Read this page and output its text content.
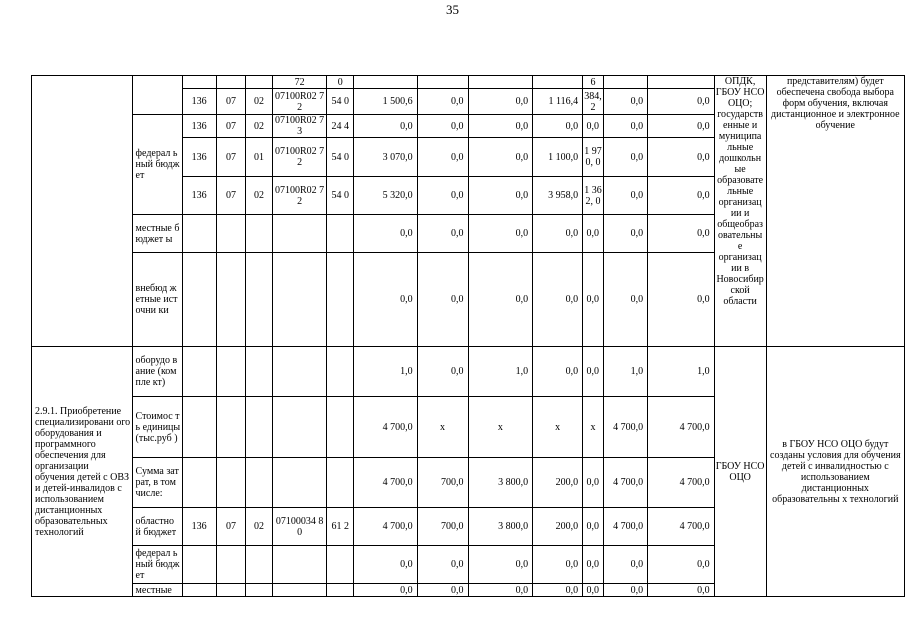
35
					72	0					6			ОПДК, ГБОУ НСО ОЦО; государств енные и муниципа льные дошкольн ые образовате льные организац ии и общеобраз овательны е организац ии в Новосибир ской области	представителям) будет обеспечена свобода выбора форм обучения, включая дистанционное и электронное обучение
		136	07	02	07100R02 72	54 0	1 500,6	0,0	0,0	1 116,4	384, 2	0,0	0,0		
	федерал ьный бюджет	136	07	02	07100R02 73	24 4	0,0	0,0	0,0	0,0	0,0	0,0	0,0		
		136	07	01	07100R02 72	54 0	3 070,0	0,0	0,0	1 100,0	1 970, 0	0,0	0,0		
		136	07	02	07100R02 72	54 0	5 320,0	0,0	0,0	3 958,0	1 362, 0	0,0	0,0		
	местные бюджет ы						0,0	0,0	0,0	0,0	0,0	0,0	0,0		
	внебюд жетные источни ки						0,0	0,0	0,0	0,0	0,0	0,0	0,0		
2.9.1. Приобретение специализировани ого оборудования и программного обеспечения для организации обучения детей с ОВЗ и детей-инвалидов с использованием дистанционных образовательных технологий	оборудо вание (комплe кт)						1,0	0,0	1,0	0,0	0,0	1,0	1,0	ГБОУ НСО ОЦО	в ГБОУ НСО ОЦО будут созданы условия для обучения детей с инвалидностью с использованием дистанционных образовательны х технологий
	Стоимос ть единицы (тыс.руб )						4 700,0	x	x	x	x	4 700,0	4 700,0		
	Сумма затрат, в том числе:						4 700,0	700,0	3 800,0	200,0	0,0	4 700,0	4 700,0		
	областно й бюджет	136	07	02	07100034 80	61 2	4 700,0	700,0	3 800,0	200,0	0,0	4 700,0	4 700,0		
	федерал ьный бюджет						0,0	0,0	0,0	0,0	0,0	0,0	0,0		
	местные						0,0	0,0	0,0	0,0	0,0	0,0	0,0		
